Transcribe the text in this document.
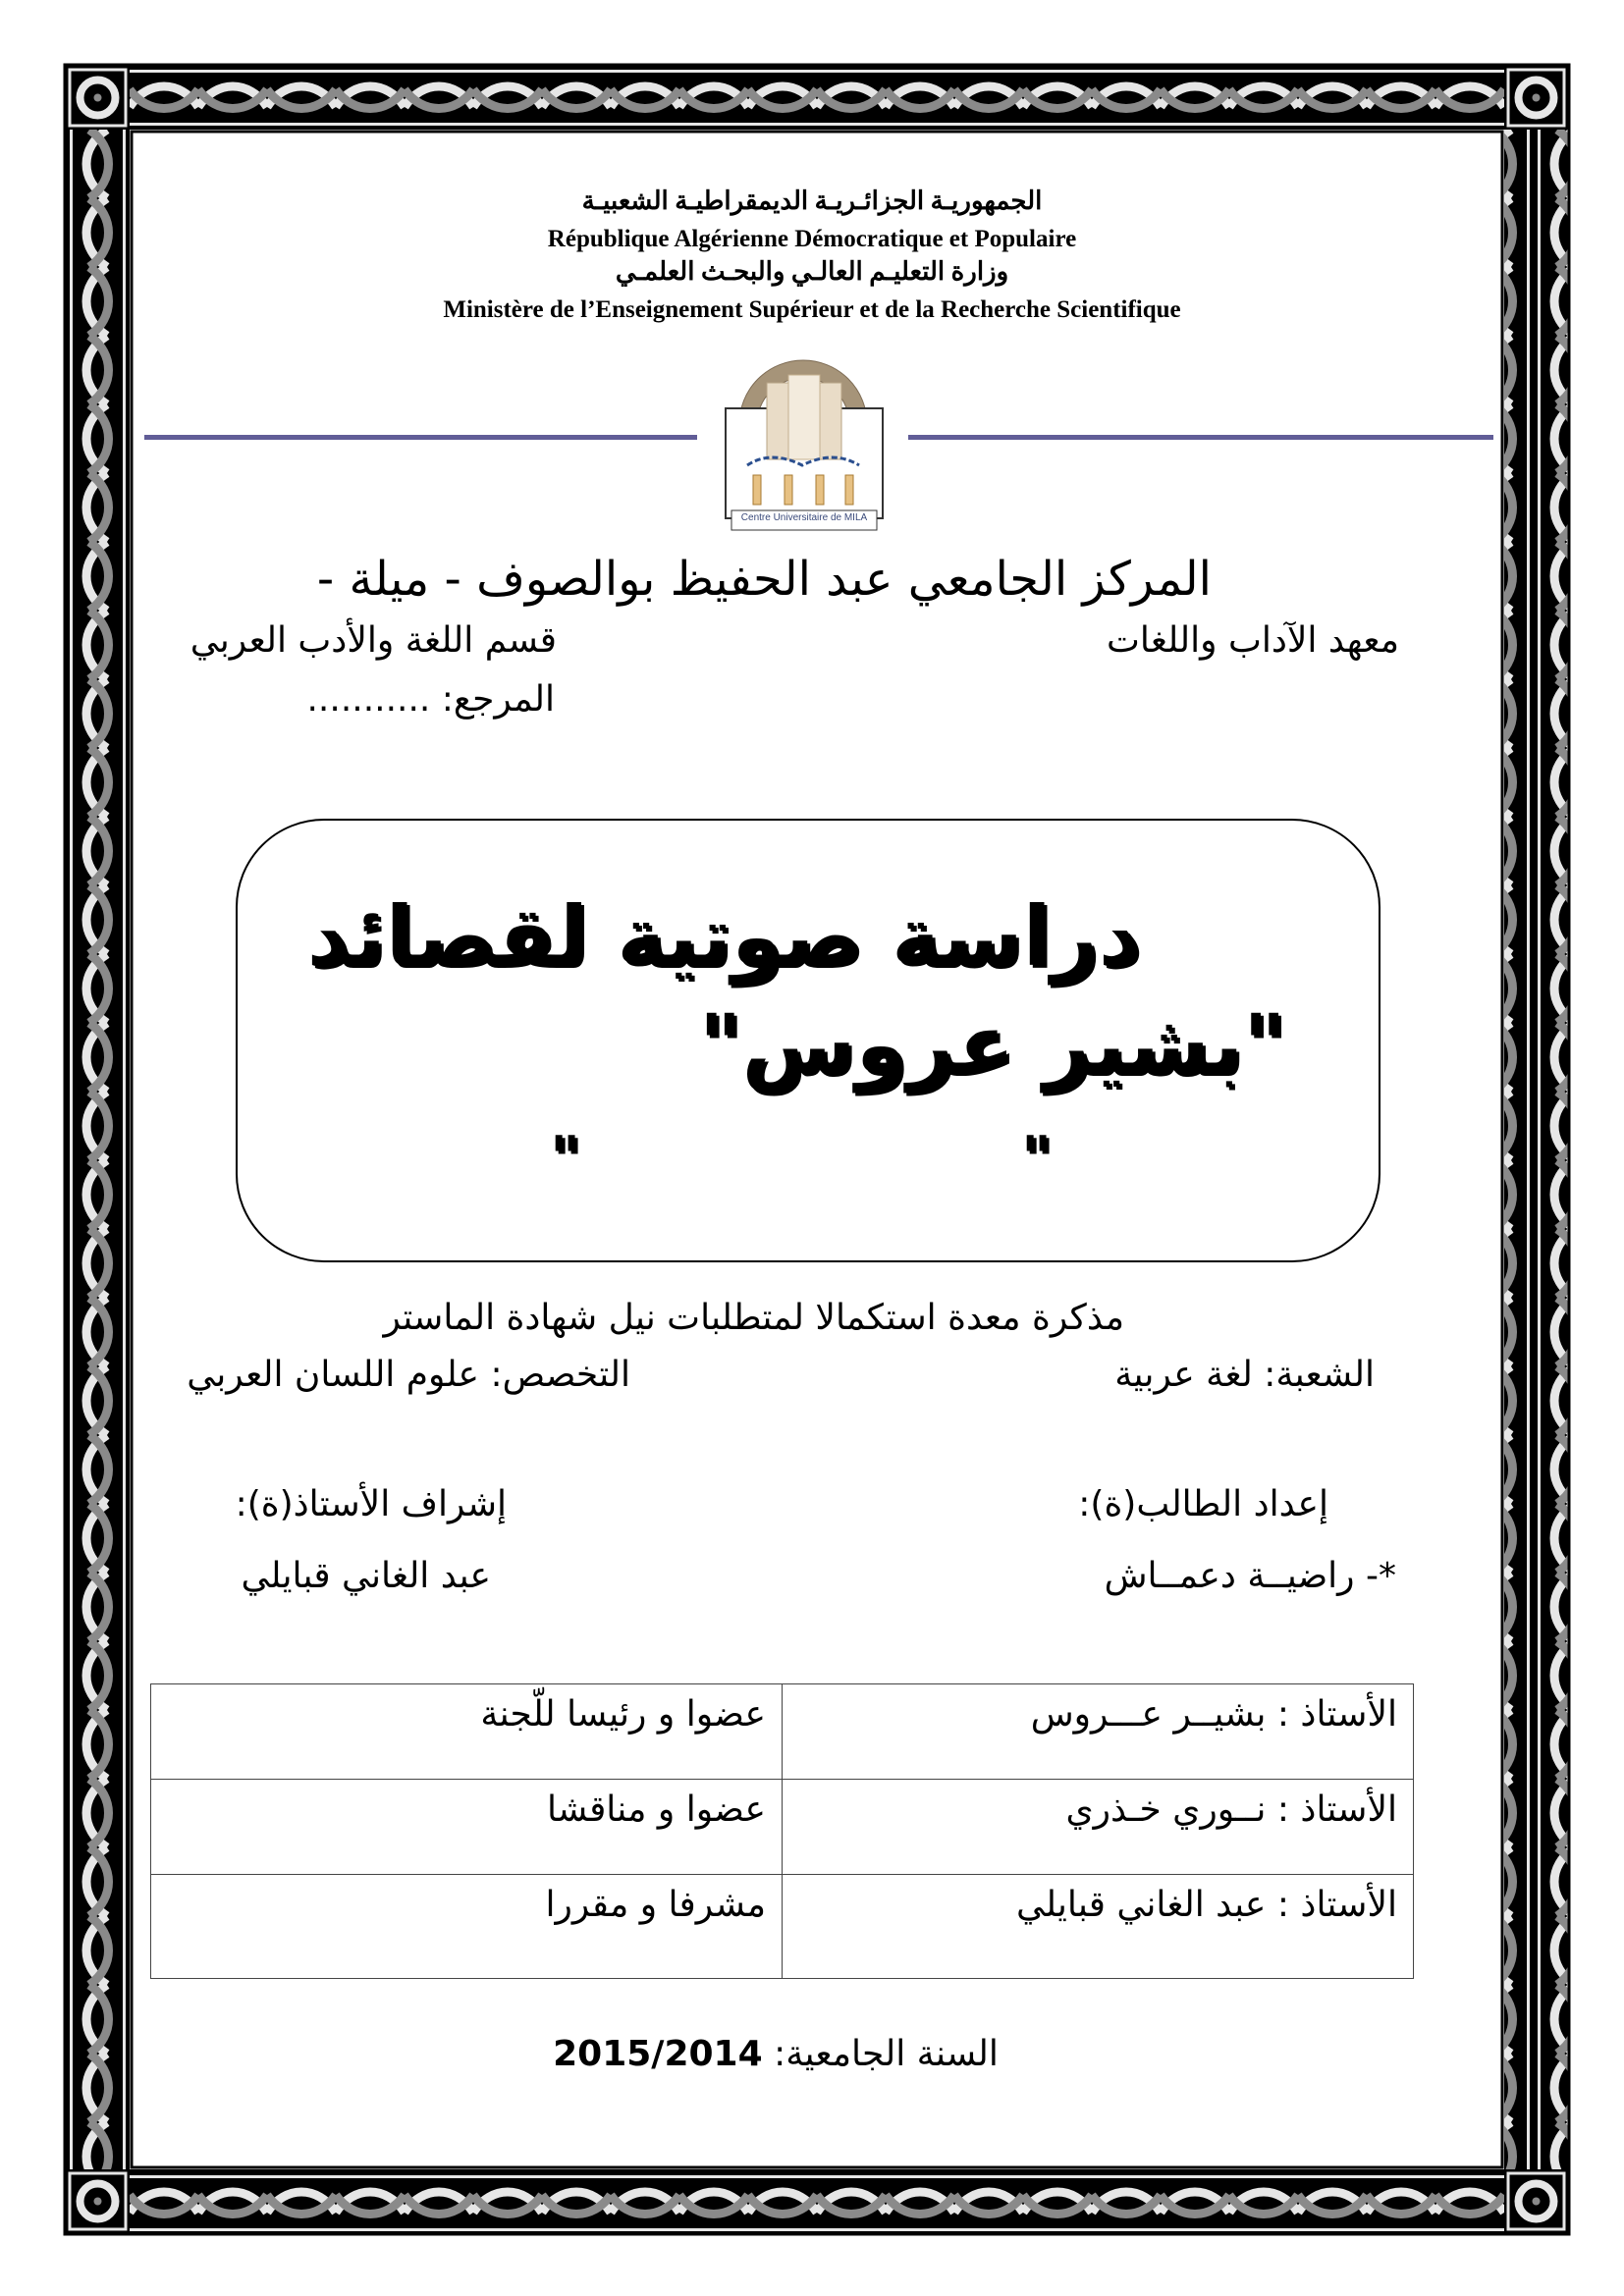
الجمهوريـة الجزائـريـة الديمقراطيـة الشعبيـة
République Algérienne Démocratique et Populaire
وزارة التعليـم العالـي والبحـث العلمـي
Ministère de l’Enseignement Supérieur et de la Recherche Scientifique
Centre Universitaire de MILA
المركز الجامعي عبد الحفيظ بوالصوف - ميلة -
معهد الآداب واللغات
قسم اللغة والأدب العربي
المرجع: ...........
دراسة صوتية لقصائد
"بشير عروس"
"
"
مذكرة معدة استكمالا لمتطلبات نيل شهادة الماستر
الشعبة: لغة عربية
التخصص: علوم اللسان العربي
إعداد الطالب(ة):
إشراف الأستاذ(ة):
*- راضيــة دعمــاش
عبد الغاني قبايلي
عضوا و رئيسا للّجنة	الأستاذ : بشيــر عـــروس
عضوا و مناقشا	الأستاذ : نــوري خـذري
مشرفا و مقررا	الأستاذ : عبد الغاني قبايلي
السنة الجامعية: 2015/2014
